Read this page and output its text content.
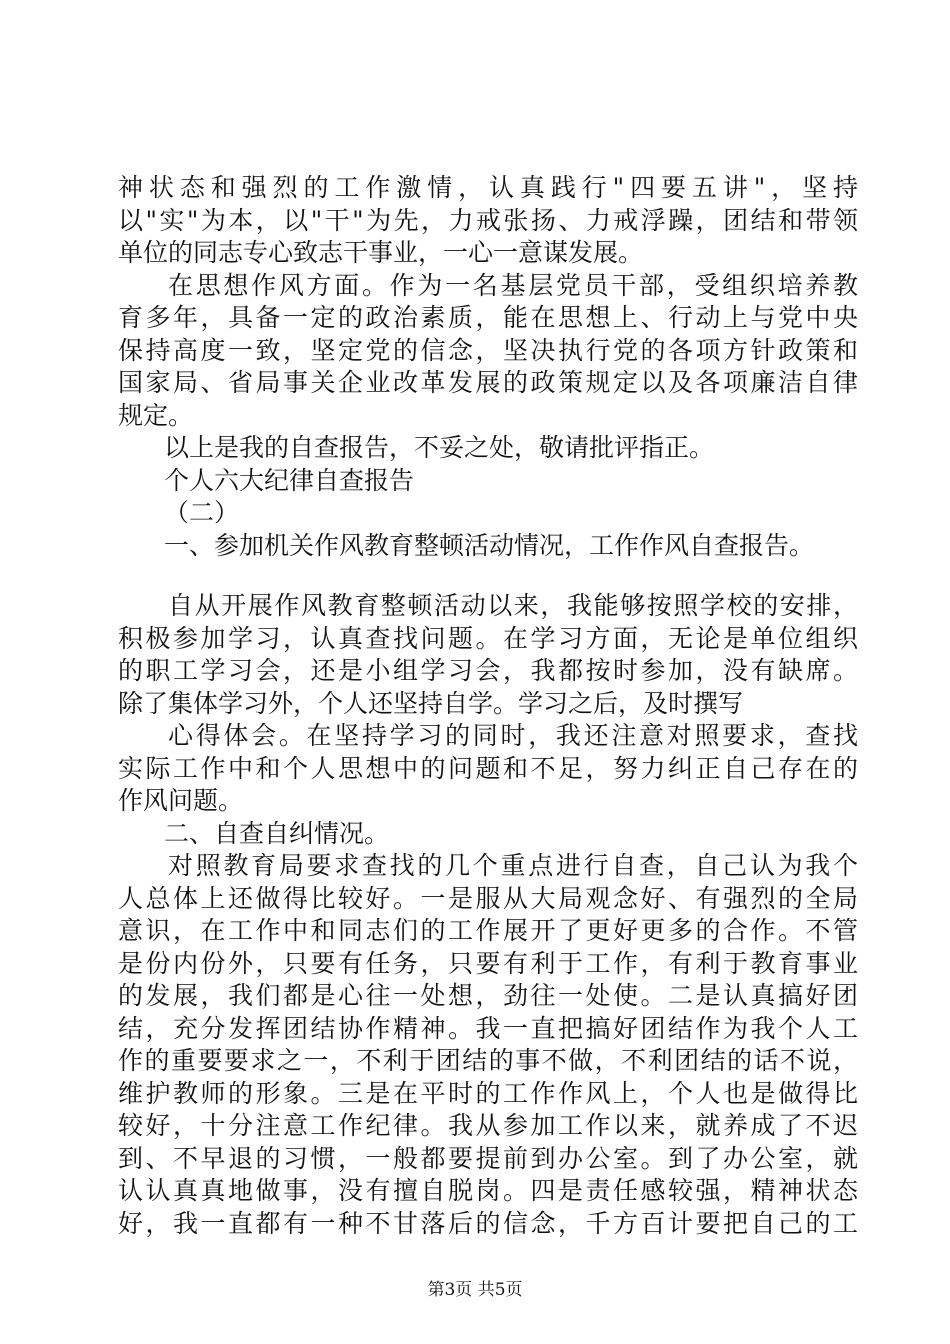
神状态和强烈的工作激情，认真践行"四要五讲"，坚持
以"实"为本，以"干"为先，力戒张扬、力戒浮躁，团结和带领
单位的同志专心致志干事业，一心一意谋发展。
在思想作风方面。作为一名基层党员干部，受组织培养教
育多年，具备一定的政治素质，能在思想上、行动上与党中央
保持高度一致，坚定党的信念，坚决执行党的各项方针政策和
国家局、省局事关企业改革发展的政策规定以及各项廉洁自律
规定。
以上是我的自查报告，不妥之处，敬请批评指正。
个人六大纪律自查报告
（二）
一、参加机关作风教育整顿活动情况，工作作风自查报告。
自从开展作风教育整顿活动以来，我能够按照学校的安排，
积极参加学习，认真查找问题。在学习方面，无论是单位组织
的职工学习会，还是小组学习会，我都按时参加，没有缺席。
除了集体学习外，个人还坚持自学。学习之后，及时撰写
心得体会。在坚持学习的同时，我还注意对照要求，查找
实际工作中和个人思想中的问题和不足，努力纠正自己存在的
作风问题。
二、自查自纠情况。
对照教育局要求查找的几个重点进行自查，自己认为我个
人总体上还做得比较好。一是服从大局观念好、有强烈的全局
意识，在工作中和同志们的工作展开了更好更多的合作。不管
是份内份外，只要有任务，只要有利于工作，有利于教育事业
的发展，我们都是心往一处想，劲往一处使。二是认真搞好团
结，充分发挥团结协作精神。我一直把搞好团结作为我个人工
作的重要要求之一，不利于团结的事不做，不利团结的话不说，
维护教师的形象。三是在平时的工作作风上，个人也是做得比
较好，十分注意工作纪律。我从参加工作以来，就养成了不迟
到、不早退的习惯，一般都要提前到办公室。到了办公室，就
认认真真地做事，没有擅自脱岗。四是责任感较强，精神状态
好，我一直都有一种不甘落后的信念，千方百计要把自己的工
第3页 共5页
